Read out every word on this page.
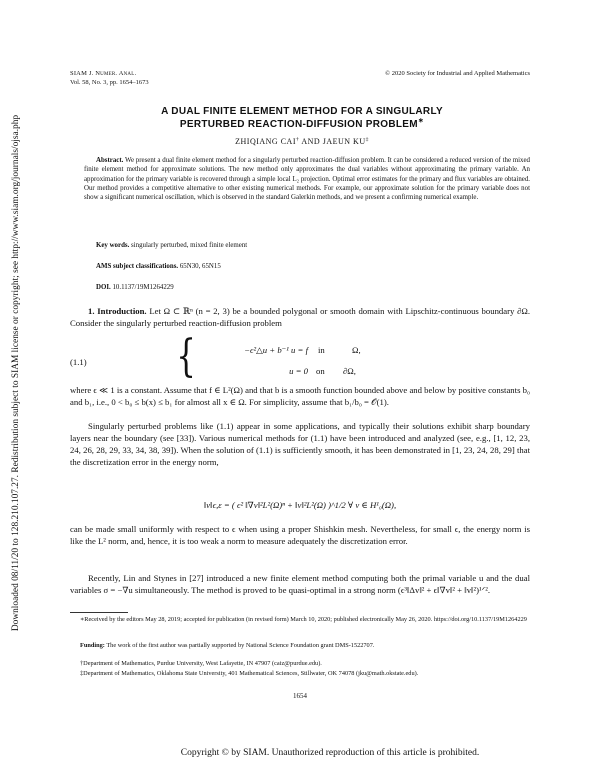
Downloaded 08/11/20 to 128.210.107.27. Redistribution subject to SIAM license or copyright; see http://www.siam.org/journals/ojsa.php
SIAM J. Numer. Anal.
Vol. 58, No. 3, pp. 1654–1673
© 2020 Society for Industrial and Applied Mathematics
A DUAL FINITE ELEMENT METHOD FOR A SINGULARLY
PERTURBED REACTION-DIFFUSION PROBLEM∗
ZHIQIANG CAI† AND JAEUN KU‡
Abstract. We present a dual finite element method for a singularly perturbed reaction-diffusion problem. It can be considered a reduced version of the mixed finite element method for approximate solutions. The new method only approximates the dual variables without approximating the primary variable. An approximation for the primary variable is recovered through a simple local L₂ projection. Optimal error estimates for the primary and flux variables are obtained. Our method provides a competitive alternative to other existing numerical methods. For example, our approximate solution for the primary variable does not show a significant numerical oscillation, which is observed in the standard Galerkin methods, and we present a confirming numerical example.
Key words. singularly perturbed, mixed finite element
AMS subject classifications. 65N30, 65N15
DOI. 10.1137/19M1264229
1. Introduction. Let Ω ⊂ ℝⁿ (n = 2, 3) be a bounded polygonal or smooth domain with Lipschitz-continuous boundary ∂Ω. Consider the singularly perturbed reaction-diffusion problem
(1.1) {	−ϵ²△u + b⁻¹ u = f in	Ω,
u = 0 on ∂Ω,
where ϵ ≪ 1 is a constant. Assume that f ∈ L²(Ω) and that b is a smooth function bounded above and below by positive constants b₀ and b₁, i.e., 0 < b₀ ≤ b(x) ≤ b₁ for almost all x ∈ Ω. For simplicity, assume that b₁/b₀ = 𝒪(1).
Singularly perturbed problems like (1.1) appear in some applications, and typically their solutions exhibit sharp boundary layers near the boundary (see [33]). Various numerical methods for (1.1) have been introduced and analyzed (see, e.g., [1, 12, 23, 24, 26, 28, 29, 33, 34, 38, 39]). When the solution of (1.1) is sufficiently smooth, it has been demonstrated in [1, 23, 24, 28, 29] that the discretization error in the energy norm,
‖v‖ϵ,ε = ( ϵ² ‖∇v‖²L²(Ω)ⁿ + ‖v‖²L²(Ω) )^1/2 ∀ v ∈ H¹₀(Ω),
can be made small uniformly with respect to ϵ when using a proper Shishkin mesh. Nevertheless, for small ϵ, the energy norm is like the L² norm, and, hence, it is too weak a norm to measure adequately the discretization error.
Recently, Lin and Stynes in [27] introduced a new finite element method computing both the primal variable u and the dual variables σ = −∇u simultaneously. The method is proved to be quasi-optimal in a strong norm (ϵ³‖Δv‖² + ϵ‖∇v‖² + ‖v‖²)¹ᐟ².
∗Received by the editors May 28, 2019; accepted for publication (in revised form) March 10, 2020; published electronically May 26, 2020. https://doi.org/10.1137/19M1264229
Funding: The work of the first author was partially supported by National Science Foundation grant DMS-1522707.
†Department of Mathematics, Purdue University, West Lafayette, IN 47907 (caiz@purdue.edu).
‡Department of Mathematics, Oklahoma State University, 401 Mathematical Sciences, Stillwater, OK 74078 (jku@math.okstate.edu).
1654
Copyright © by SIAM. Unauthorized reproduction of this article is prohibited.
